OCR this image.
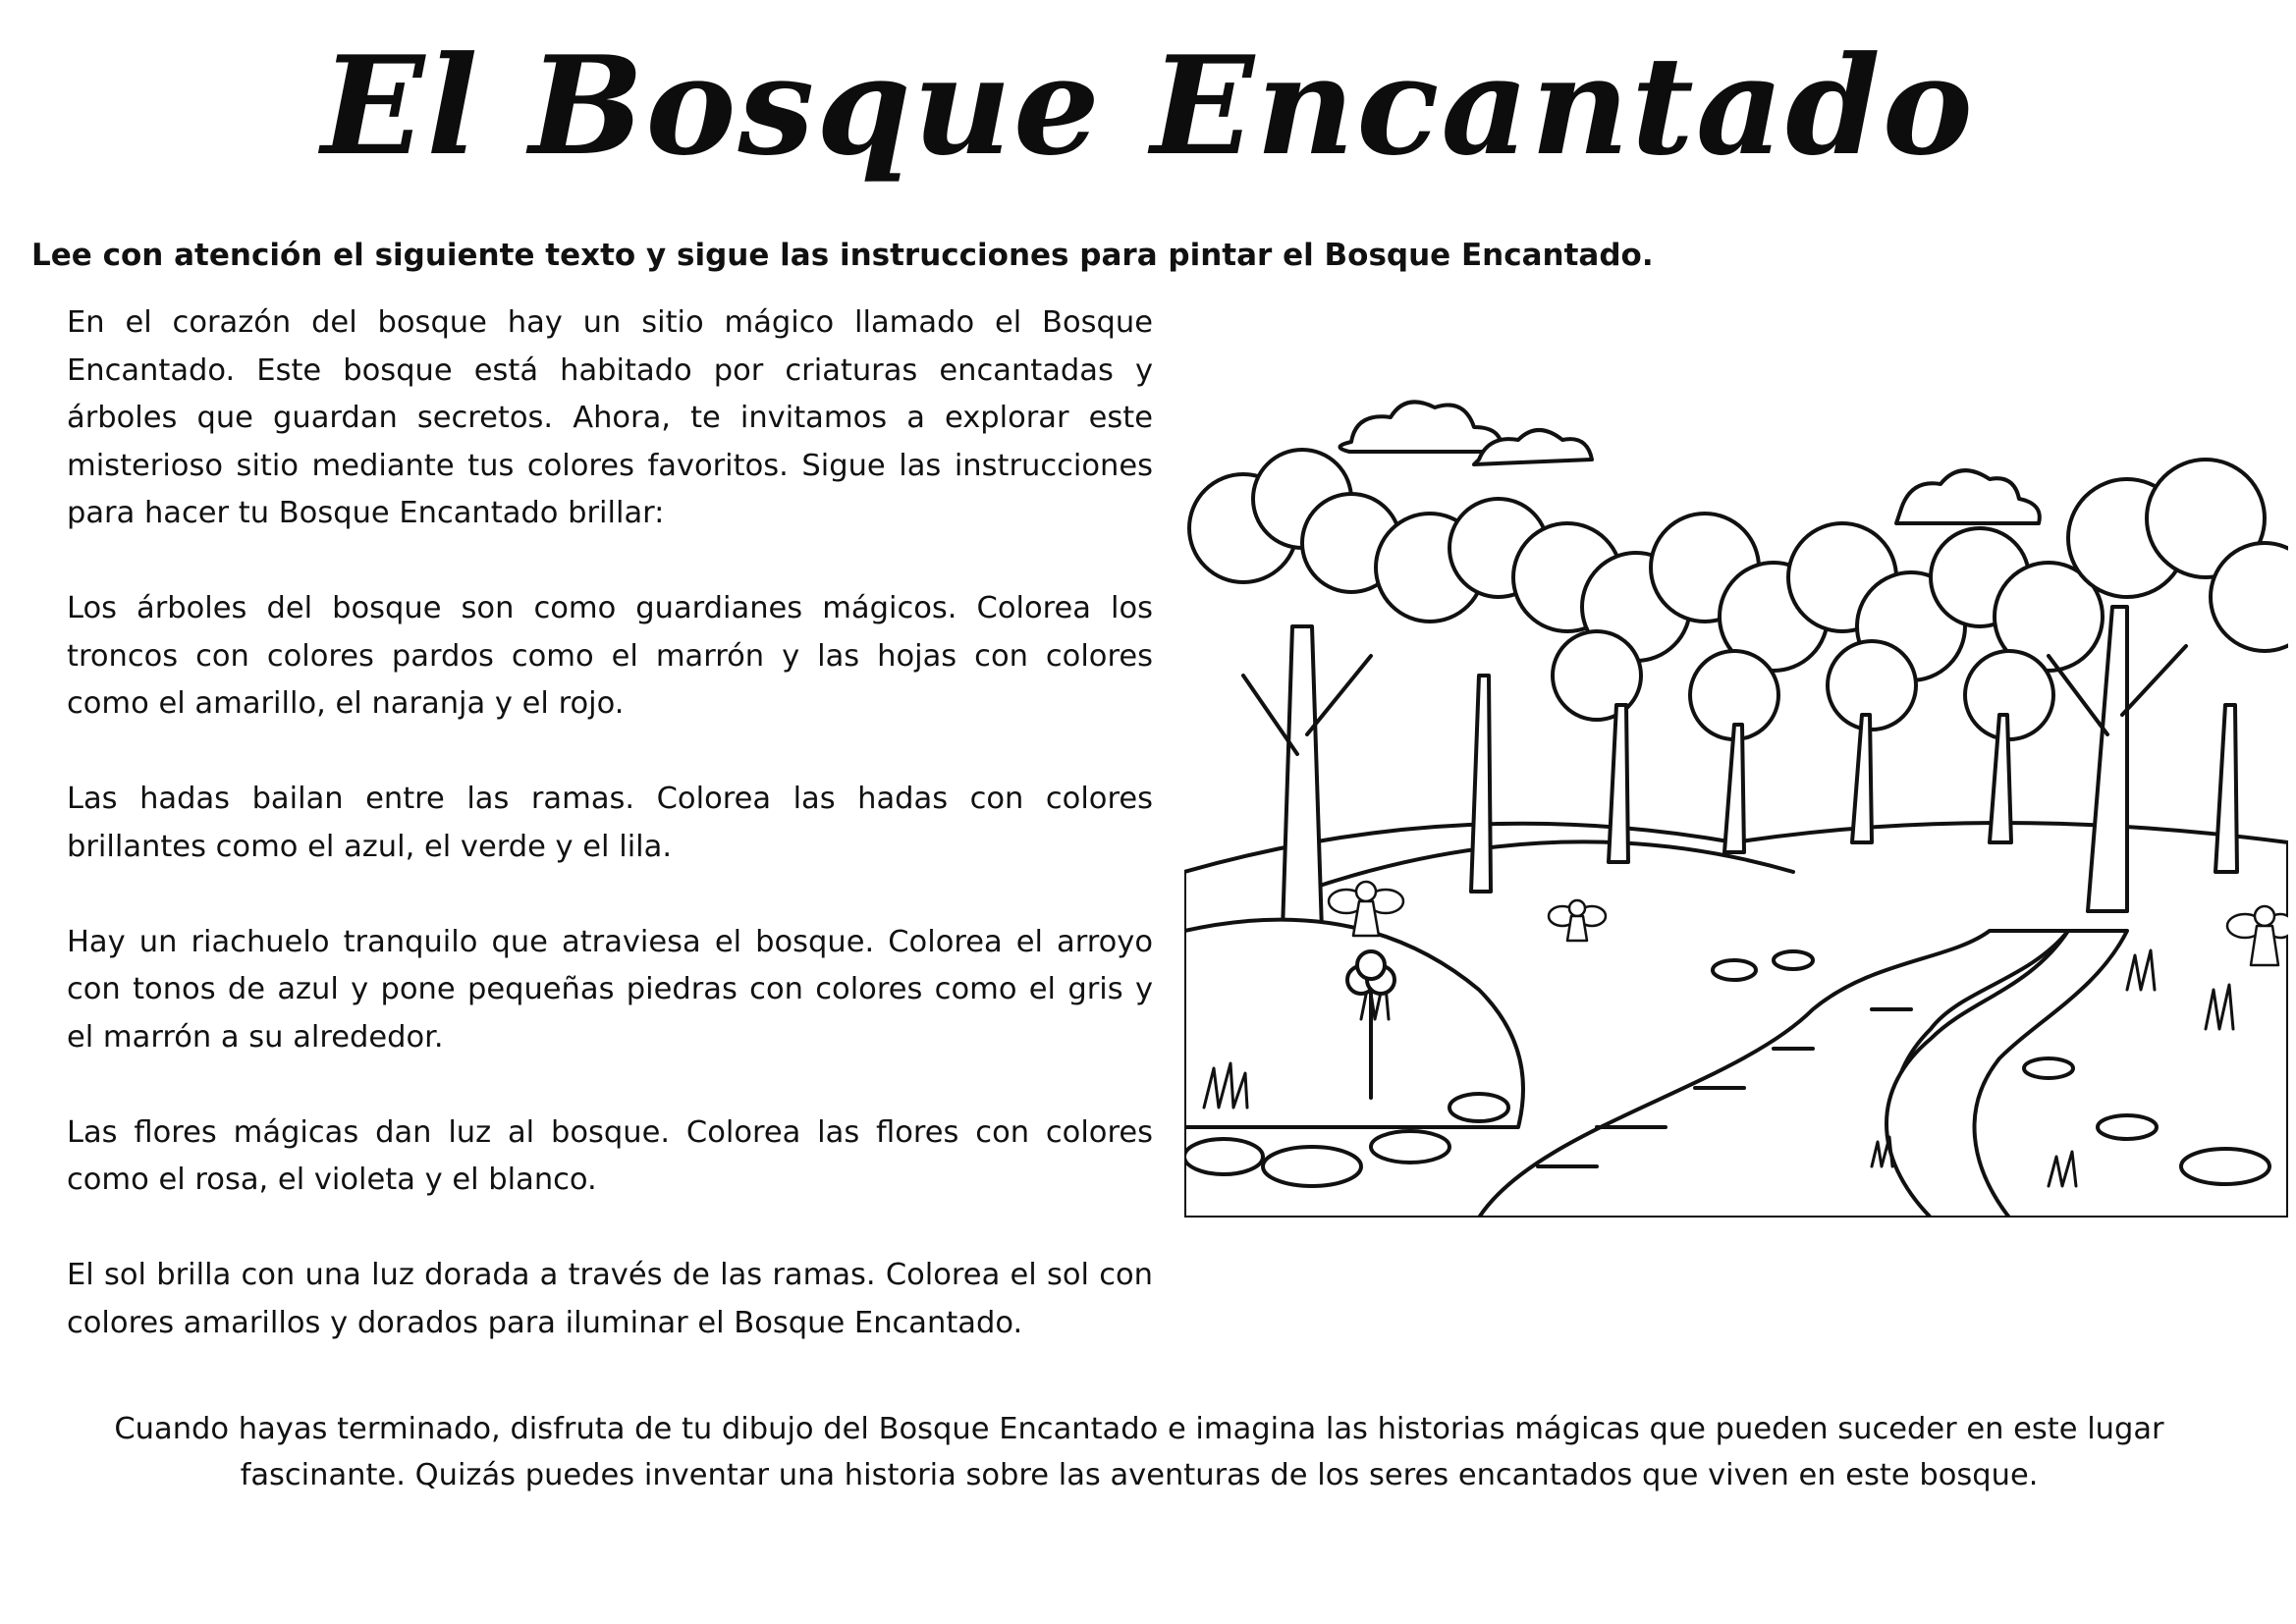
El Bosque Encantado
Lee con atención el siguiente texto y sigue las instrucciones para pintar el Bosque Encantado.

En el corazón del bosque hay un sitio mágico llamado el Bosque Encantado. Este bosque está habitado por criaturas encantadas y árboles que guardan secretos. Ahora, te invitamos a explorar este misterioso sitio mediante tus colores favoritos. Sigue las instrucciones para hacer tu Bosque Encantado brillar:

Los árboles del bosque son como guardianes mágicos. Colorea los troncos con colores pardos como el marrón y las hojas con colores como el amarillo, el naranja y el rojo.

Las hadas bailan entre las ramas. Colorea las hadas con colores brillantes como el azul, el verde y el lila.

Hay un riachuelo tranquilo que atraviesa el bosque. Colorea el arroyo con tonos de azul y pone pequeñas piedras con colores como el gris y el marrón a su alrededor.

Las flores mágicas dan luz al bosque. Colorea las flores con colores como el rosa, el violeta y el blanco.

El sol brilla con una luz dorada a través de las ramas. Colorea el sol con colores amarillos y dorados para iluminar el Bosque Encantado.

Cuando hayas terminado, disfruta de tu dibujo del Bosque Encantado e imagina las historias mágicas que pueden suceder en este lugar fascinante. Quizás puedes inventar una historia sobre las aventuras de los seres encantados que viven en este bosque.
